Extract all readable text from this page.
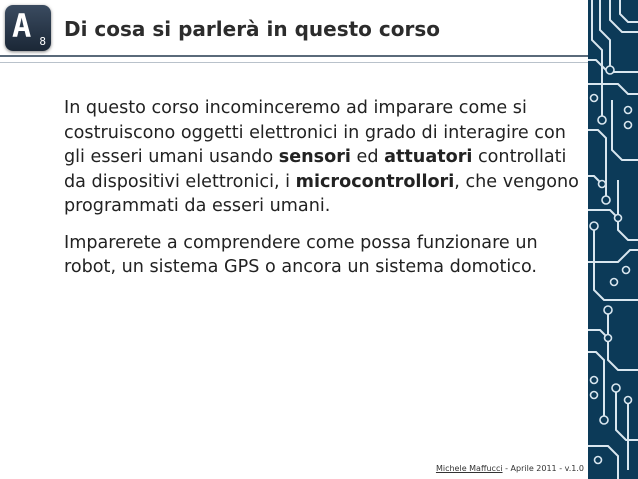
A 8
Di cosa si parlerà in questo corso

In questo corso incominceremo ad imparare come si costruiscono oggetti elettronici in grado di interagire con gli esseri umani usando sensori ed attuatori controllati da dispositivi elettronici, i microcontrollori, che vengono programmati da esseri umani.

Imparerete a comprendere come possa funzionare un robot, un sistema GPS o ancora un sistema domotico.

Michele Maffucci - Aprile 2011 - v.1.0
